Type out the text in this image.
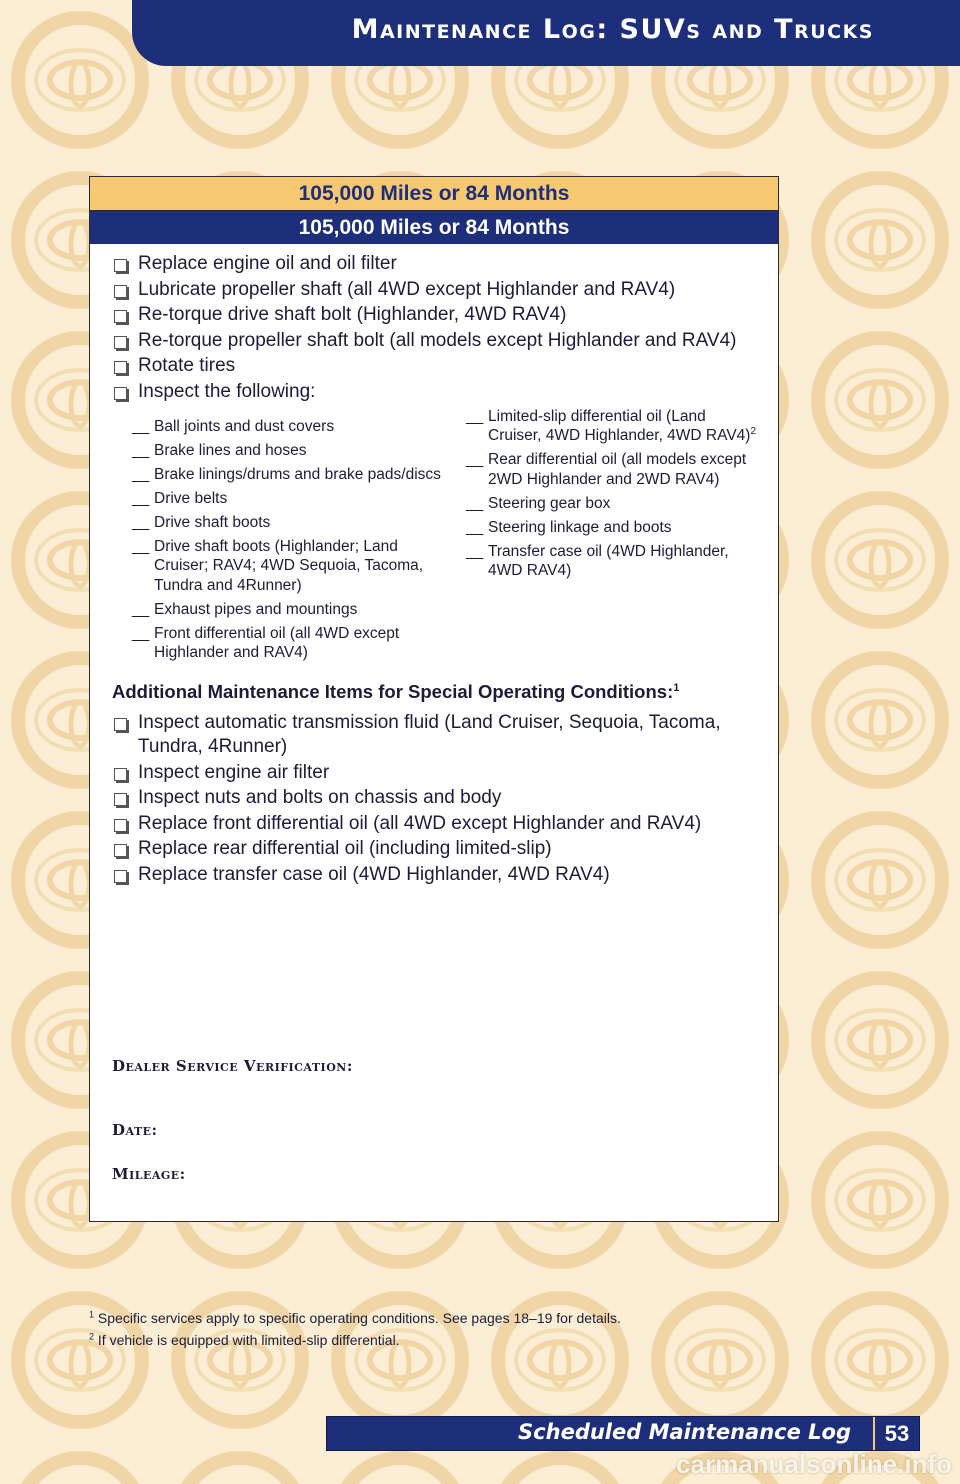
Maintenance Log: SUVs and Trucks
105,000 Miles or 84 Months
105,000 Miles or 84 Months
Replace engine oil and oil filter
Lubricate propeller shaft (all 4WD except Highlander and RAV4)
Re-torque drive shaft bolt (Highlander, 4WD RAV4)
Re-torque propeller shaft bolt (all models except Highlander and RAV4)
Rotate tires
Inspect the following:
__ Ball joints and dust covers
__ Brake lines and hoses
__ Brake linings/drums and brake pads/discs
__ Drive belts
__ Drive shaft boots
__ Drive shaft boots (Highlander; Land Cruiser; RAV4; 4WD Sequoia, Tacoma, Tundra and 4Runner)
__ Exhaust pipes and mountings
__ Front differential oil (all 4WD except Highlander and RAV4)
__ Limited-slip differential oil (Land Cruiser, 4WD Highlander, 4WD RAV4)$^2$
__ Rear differential oil (all models except 2WD Highlander and 2WD RAV4)
__ Steering gear box
__ Steering linkage and boots
__ Transfer case oil (4WD Highlander, 4WD RAV4)
Additional Maintenance Items for Special Operating Conditions:$^1$
Inspect automatic transmission fluid (Land Cruiser, Sequoia, Tacoma, Tundra, 4Runner)
Inspect engine air filter
Inspect nuts and bolts on chassis and body
Replace front differential oil (all 4WD except Highlander and RAV4)
Replace rear differential oil (including limited-slip)
Replace transfer case oil (4WD Highlander, 4WD RAV4)
Dealer Service Verification:
Date:
Mileage:
$^1$ Specific services apply to specific operating conditions. See pages 18–19 for details.
$^2$ If vehicle is equipped with limited-slip differential.
Scheduled Maintenance Log	53
carmanualsonline.info
